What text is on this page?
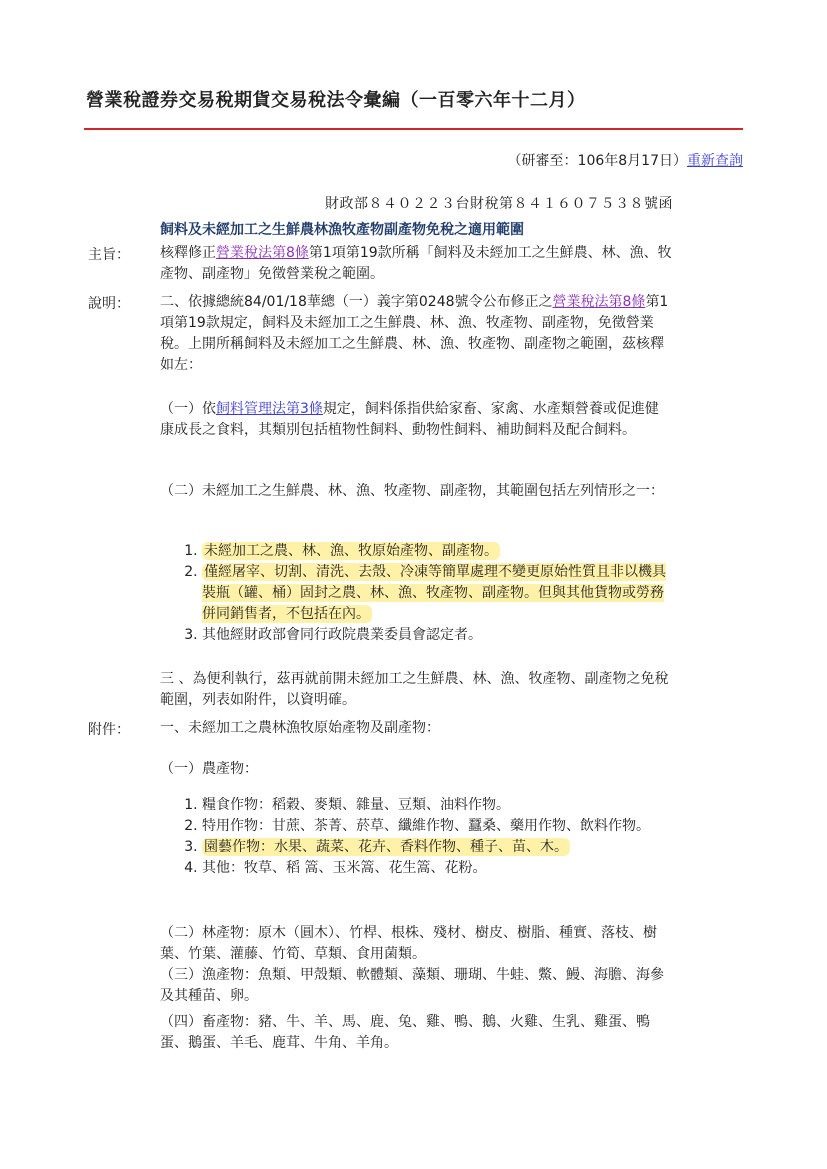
營業稅證券交易稅期貨交易稅法令彙編（一百零六年十二月）
（研審至：106年8月17日）重新查詢
財政部８４０２２３台財稅第８４１６０７５３８號函
飼料及未經加工之生鮮農林漁牧產物副產物免稅之適用範圍
主旨： 核釋修正營業稅法第8條第1項第19款所稱「飼料及未經加工之生鮮農、林、漁、牧產物、副產物」免徵營業稅之範圍。
說明： 二、依據總統84/01/18華總（一）義字第0248號令公布修正之營業稅法第8條第1項第19款規定，飼料及未經加工之生鮮農、林、漁、牧產物、副產物，免徵營業稅。上開所稱飼料及未經加工之生鮮農、林、漁、牧產物、副產物之範圍，茲核釋如左：
（一）依飼料管理法第3條規定，飼料係指供給家畜、家禽、水產類營養或促進健康成長之食料，其類別包括植物性飼料、動物性飼料、補助飼料及配合飼料。
（二）未經加工之生鮮農、林、漁、牧產物、副產物，其範圍包括左列情形之一：
1. 未經加工之農、林、漁、牧原始產物、副產物。
2. 僅經屠宰、切割、清洗、去殼、冷凍等簡單處理不變更原始性質且非以機具裝瓶（罐、桶）固封之農、林、漁、牧產物、副產物。但與其他貨物或勞務併同銷售者，不包括在內。
3. 其他經財政部會同行政院農業委員會認定者。
三 、為便利執行，茲再就前開未經加工之生鮮農、林、漁、牧產物、副產物之免稅範圍，列表如附件，以資明確。
附件： 一、未經加工之農林漁牧原始產物及副產物：
（一）農產物：
1. 糧食作物：稻穀、麥類、雜量、豆類、油料作物。
2. 特用作物：甘蔗、茶菁、菸草、纖維作物、蠶桑、藥用作物、飲料作物。
3. 園藝作物：水果、蔬菜、花卉、香料作物、種子、苗、木。
4. 其他：牧草、稻 篙、玉米篙、花生篙、花粉。
（二）林產物：原木（圓木）、竹桿、根株、殘材、樹皮、樹脂、種實、落枝、樹葉、竹葉、灌藤、竹筍、草類、食用菌類。
（三）漁產物：魚類、甲殼類、軟體類、藻類、珊瑚、牛蛙、鱉、鰻、海膽、海參及其種苗、卵。
（四）畜產物：豬、牛、羊、馬、鹿、兔、雞、鴨、鵝、火雞、生乳、雞蛋、鴨蛋、鵝蛋、羊毛、鹿茸、牛角、羊角。
